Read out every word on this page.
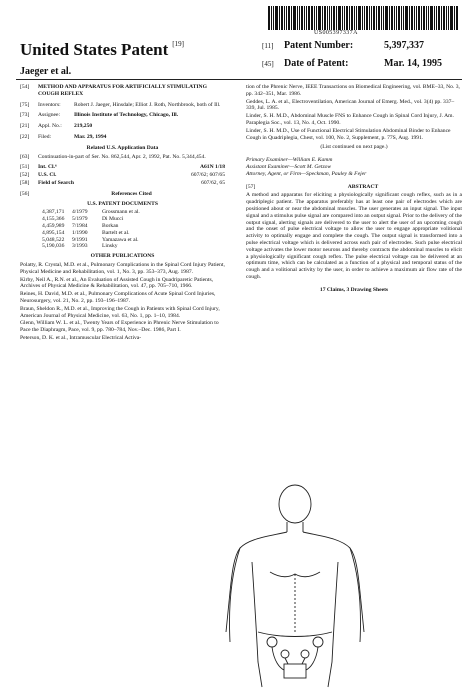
US005397337A
United States Patent [19]
Jaeger et al.
[11]	Patent Number:	5,397,337
[45]	Date of Patent:	Mar. 14, 1995
[54]	METHOD AND APPARATUS FOR ARTIFICIALLY STIMULATING COUGH REFLEX
[75]	Inventors:	Robert J. Jaeger, Hinsdale; Elliot J. Roth, Northbrook, both of Ill.
[73]	Assignee:	Illinois Institute of Technology, Chicago, Ill.
[21]	Appl. No.:	219,250
[22]	Filed:	Mar. 29, 1994
Related U.S. Application Data
[63]	Continuation-in-part of Ser. No. 862,544, Apr. 2, 1992, Pat. No. 5,344,454.
[51]	Int. Cl.⁶	A61N 1/18
[52]	U.S. Cl.	607/62; 607/65
[58]	Field of Search	607/62, 65
[56]	References Cited
U.S. PATENT DOCUMENTS
4,387,171	4/1979	Grossmann et al.
4,155,366	5/1979	Di Mucci
4,459,989	7/1984	Borkan
4,895,154	1/1990	Bartelt et al.
5,048,522	9/1991	Yamazawa et al.
5,190,036	3/1993	Linsky
OTHER PUBLICATIONS
Polatty, R. Crystal, M.D. et al., Pulmonary Complications in the Spinal Cord Injury Patient, Physical Medicine and Rehabilitation, vol. 1, No. 3, pp. 353–373, Aug. 1987.
Kirby, Neil A., R.N. et al., An Evaluation of Assisted Cough in Quadriparetic Patients, Archives of Physical Medicine & Rehabilitation, vol. 47, pp. 705–710, 1966.
Reines, H. David, M.D. et al., Pulmonary Complications of Acute Spinal Cord Injuries, Neurosurgery, vol. 21, No. 2, pp. 193–196–1987.
Braun, Sheldon R., M.D. et al., Improving the Cough in Patients with Spinal Cord Injury, American Journal of Physical Medicine, vol. 63, No. 1, pp. 1–10, 1984.
Glenn, William W. L. et al., Twenty Years of Experience in Phrenic Nerve Stimulation to Pace the Diaphragm, Pace, vol. 9, pp. 780–784, Nov.–Dec. 1986, Part I.
Peterson, D. K. et al., Intramuscular Electrical Activa-
tion of the Phrenic Nerve, IEEE Transactions on Biomedical Engineering, vol. BME–33, No. 3, pp. 342–351, Mar. 1986.
Geddes, L. A. et al., Electroventilation, American Journal of Emerg. Med., vol. 3(4) pp. 337–339, Jul. 1985.
Linder, S. H. M.D., Abdominal Muscle FNS to Enhance Cough in Spinal Cord Injury, J. Am. Paraplegia Soc., vol. 13, No. 4, Oct. 1990.
Linder, S. H. M.D., Use of Functional Electrical Stimulation Abdominal Binder to Enhance Cough in Quadriplegia, Chest, vol. 100, No. 2, Supplement, p. 77S, Aug. 1991.
(List continued on next page.)
Primary Examiner—William E. Kamm
Assistant Examiner—Scott M. Getzow
Attorney, Agent, or Firm—Speckman, Pauley & Fejer
[57]	ABSTRACT
A method and apparatus for eliciting a physiologically significant cough reflex, such as in a quadriplegic patient. The apparatus preferably has at least one pair of electrodes which are positioned about or near the abdominal muscles. The user generates an input signal. The input signal and a stimulus pulse signal are compared into an output signal. Prior to the delivery of the output signal, alerting signals are delivered to the user to alert the user of an upcoming cough and the onset of pulse electrical voltage to allow the user to engage appropriate volitional activity to optimally engage and complete the cough. The output signal is transformed into a pulse electrical voltage which is delivered across each pair of electrodes. Such pulse electrical voltage activates the lower motor neurons and thereby contracts the abdominal muscles to elicit a physiologically significant cough reflex. The pulse electrical voltage can be delivered at an optimum time, which can be calculated as a function of a physical and temporal status of the cough and a volitional activity by the user, in order to achieve a maximum air flow rate of the cough.
17 Claims, 3 Drawing Sheets
